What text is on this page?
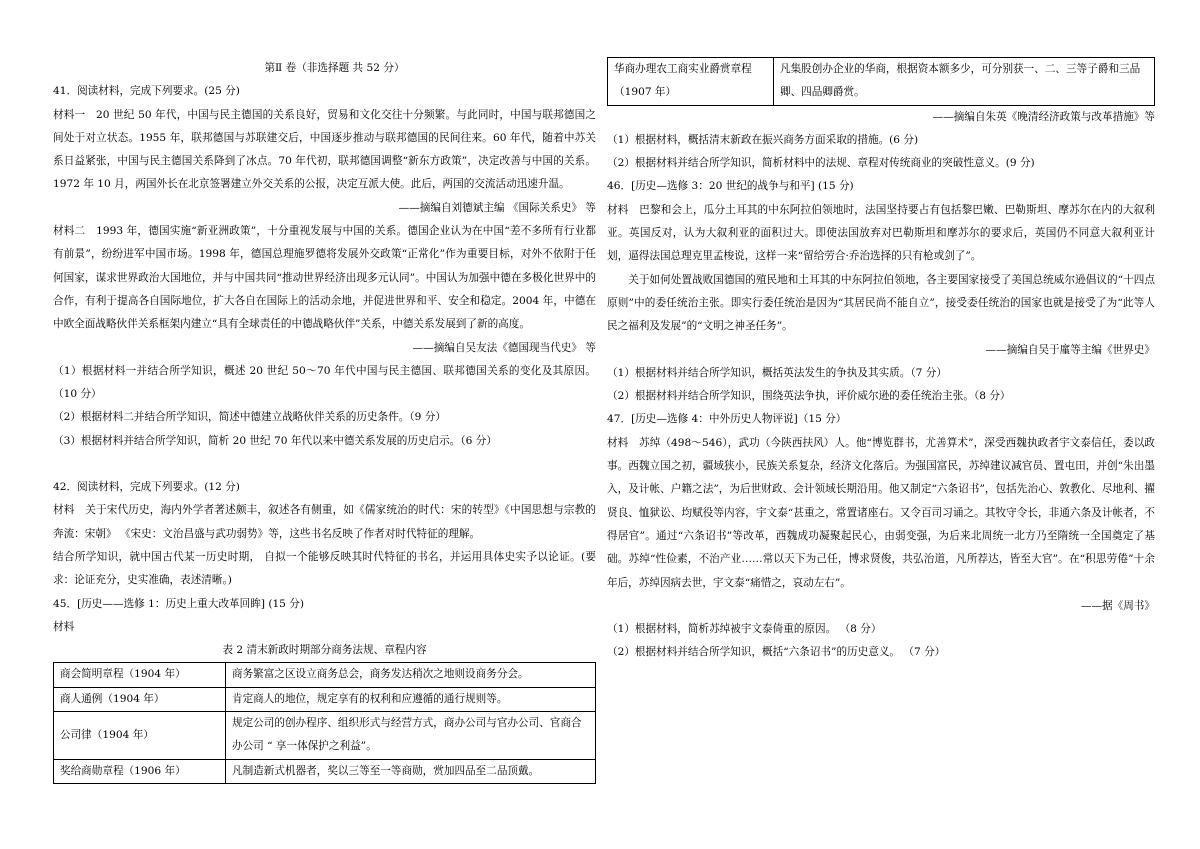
第Ⅱ 卷（非选择题 共 52 分）

41．阅读材料，完成下列要求。(25 分)

材料一　20 世纪 50 年代，中国与民主德国的关系良好，贸易和文化交往十分频繁。与此同时，中国与联邦德国之间处于对立状态。1955 年，联邦德国与苏联建交后，中国逐步推动与联邦德国的民间往来。60 年代，随着中苏关系日益紧张，中国与民主德国关系降到了冰点。70 年代初，联邦德国调整“新东方政策”，决定改善与中国的关系。1972 年 10 月，两国外长在北京签署建立外交关系的公报，决定互派大使。此后，两国的交流活动迅速升温。

——摘编自刘德斌主编 《国际关系史》 等

材料二　1993 年，德国实施“新亚洲政策”，十分重视发展与中国的关系。德国企业认为在中国“差不多所有行业都有前景”，纷纷进军中国市场。1998 年，德国总理施罗德将发展外交政策“正常化”作为重要目标，对外不依附于任何国家，谋求世界政治大国地位，并与中国共同“推动世界经济出现多元认同”。中国认为加强中德在多极化世界中的合作，有利于提高各自国际地位，扩大各自在国际上的活动余地，并促进世界和平、安全和稳定。2004 年，中德在中欧全面战略伙伴关系框架内建立“具有全球责任的中德战略伙伴”关系，中德关系发展到了新的高度。

——摘编自吴友法《德国现当代史》 等

（1）根据材料一并结合所学知识，概述 20 世纪 50～70 年代中国与民主德国、联邦德国关系的变化及其原因。（10 分）

（2）根据材料二并结合所学知识，简述中德建立战略伙伴关系的历史条件。（9 分）

（3）根据材料并结合所学知识，简析 20 世纪 70 年代以来中德关系发展的历史启示。（6 分）

42．阅读材料，完成下列要求。(12 分)

材料　关于宋代历史，海内外学者著述颇丰，叙述各有侧重，如《儒家统治的时代：宋的转型》《中国思想与宗教的奔流：宋朝》 《宋史：文治昌盛与武功弱势》等，这些书名反映了作者对时代特征的理解。

结合所学知识，就中国古代某一历史时期， 自拟一个能够反映其时代特征的书名，并运用具体史实予以论证。(要求：论证充分，史实准确，表述清晰。)

45．[历史——选修 1：历史上重大改革回眸] (15 分)

材料

表 2 清末新政时期部分商务法规、章程内容

商会简明章程（1904 年）	商务繁富之区设立商务总会，商务发达稍次之地则设商务分会。
商人通例（1904 年）	肯定商人的地位，规定享有的权利和应遵循的通行规则等。
公司律（1904 年）	规定公司的创办程序、组织形式与经营方式，商办公司与官办公司、官商合办公司 “ 享一体保护之利益”。
奖给商勋章程（1906 年）	凡制造新式机器者，奖以三等至一等商勋，赏加四品至二品顶戴。
华商办理农工商实业爵赏章程（1907 年）	凡集股创办企业的华商，根据资本额多少，可分别获一、二、三等子爵和三品卿、四品卿爵赏。

——摘编自朱英《晚清经济政策与改革措施》等

（1）根据材料，概括清末新政在振兴商务方面采取的措施。(6 分)

（2）根据材料并结合所学知识，简析材料中的法规、章程对传统商业的突破性意义。(9 分)

46．[历史—选修 3：20 世纪的战争与和平] (15 分)

材料　巴黎和会上，瓜分土耳其的中东阿拉伯领地时，法国坚持要占有包括黎巴嫩、巴勒斯坦、摩苏尔在内的大叙利亚。英国反对，认为大叙利亚的面积过大。即使法国放弃对巴勒斯坦和摩苏尔的要求后，英国仍不同意大叙利亚计划，逼得法国总理克里孟梭说，这样一来“留给劳合·乔治选择的只有枪或剑了”。

关于如何处置战败国德国的殖民地和土耳其的中东阿拉伯领地，各主要国家接受了美国总统威尔逊倡议的“十四点原则”中的委任统治主张。即实行委任统治是因为“其居民尚不能自立”，接受委任统治的国家也就是接受了为“此等人民之福利及发展”的“文明之神圣任务”。

——摘编自吴于廑等主编《世界史》

（1）根据材料并结合所学知识，概括英法发生的争执及其实质。（7 分）

（2）根据材料并结合所学知识，围绕英法争执，评价威尔逊的委任统治主张。（8 分）

47．[历史—选修 4：中外历史人物评说]（15 分）

材料　苏绰（498～546），武功（今陕西扶风）人。他“博览群书，尤善算术”，深受西魏执政者宇文泰信任，委以政事。西魏立国之初，疆域狭小，民族关系复杂，经济文化落后。为强国富民，苏绰建议减官员、置屯田，并创“朱出墨入，及计帐、户籍之法”，为后世财政、会计领域长期沿用。他又制定“六条诏书”，包括先治心、敦教化、尽地利、擢贤良、恤狱讼、均赋役等内容，宇文泰“甚重之，常置诸座右。又令百司习诵之。其牧守令长，非通六条及计帐者，不得居官”。通过“六条诏书”等改革，西魏成功凝聚起民心，由弱变强，为后来北周统一北方乃至隋统一全国奠定了基础。苏绰“性俭素，不治产业……常以天下为己任，博求贤俊，共弘治道，凡所荐达，皆至大官”。在“积思劳倦”十余年后，苏绰因病去世，宇文泰“痛惜之，哀动左右”。

——据《周书》

（1）根据材料，简析苏绰被宇文泰倚重的原因。 （8 分）

（2）根据材料并结合所学知识，概括“六条诏书”的历史意义。 （7 分）
